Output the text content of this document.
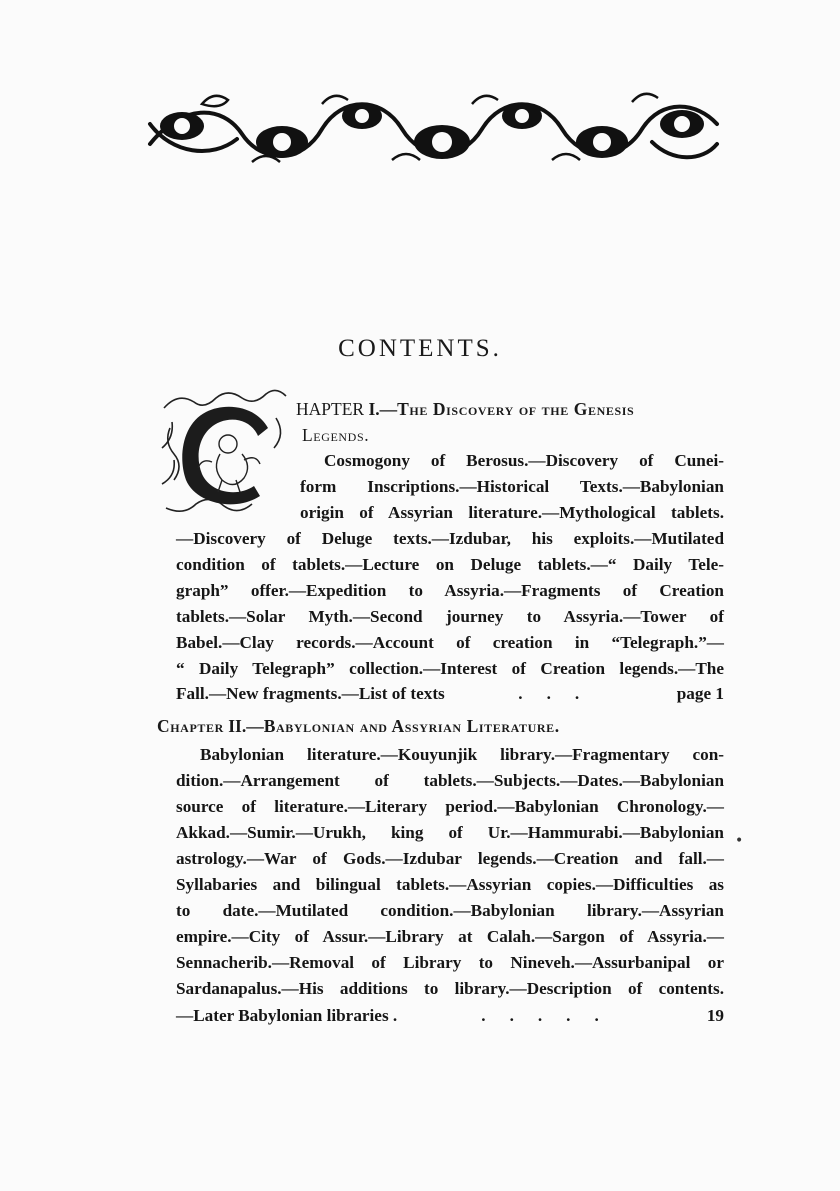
CONTENTS.
HAPTER I.—The Discovery of the Genesis
Legends.
Cosmogony of Berosus.—Discovery of Cunei-
form Inscriptions.—Historical Texts.—Babylonian
origin of Assyrian literature.—Mythological tablets.
—Discovery of Deluge texts.—Izdubar, his exploits.—Mutilated
condition of tablets.—Lecture on Deluge tablets.—“ Daily Tele-
graph” offer.—Expedition to Assyria.—Fragments of Creation
tablets.—Solar Myth.—Second journey to Assyria.—Tower of
Babel.—Clay records.—Account of creation in “Telegraph.”—
“ Daily Telegraph” collection.—Interest of Creation legends.—The
Fall.—New fragments.—List of texts	...	page 1
Chapter II.—Babylonian and Assyrian Literature.
Babylonian literature.—Kouyunjik library.—Fragmentary con-
dition.—Arrangement of tablets.—Subjects.—Dates.—Babylonian
source of literature.—Literary period.—Babylonian Chronology.—
Akkad.—Sumir.—Urukh, king of Ur.—Hammurabi.—Babylonian
astrology.—War of Gods.—Izdubar legends.—Creation and fall.—
Syllabaries and bilingual tablets.—Assyrian copies.—Difficulties as
to date.—Mutilated condition.—Babylonian library.—Assyrian
empire.—City of Assur.—Library at Calah.—Sargon of Assyria.—
Sennacherib.—Removal of Library to Nineveh.—Assurbanipal or
Sardanapalus.—His additions to library.—Description of contents.
—Later Babylonian libraries .	.....	19
•
